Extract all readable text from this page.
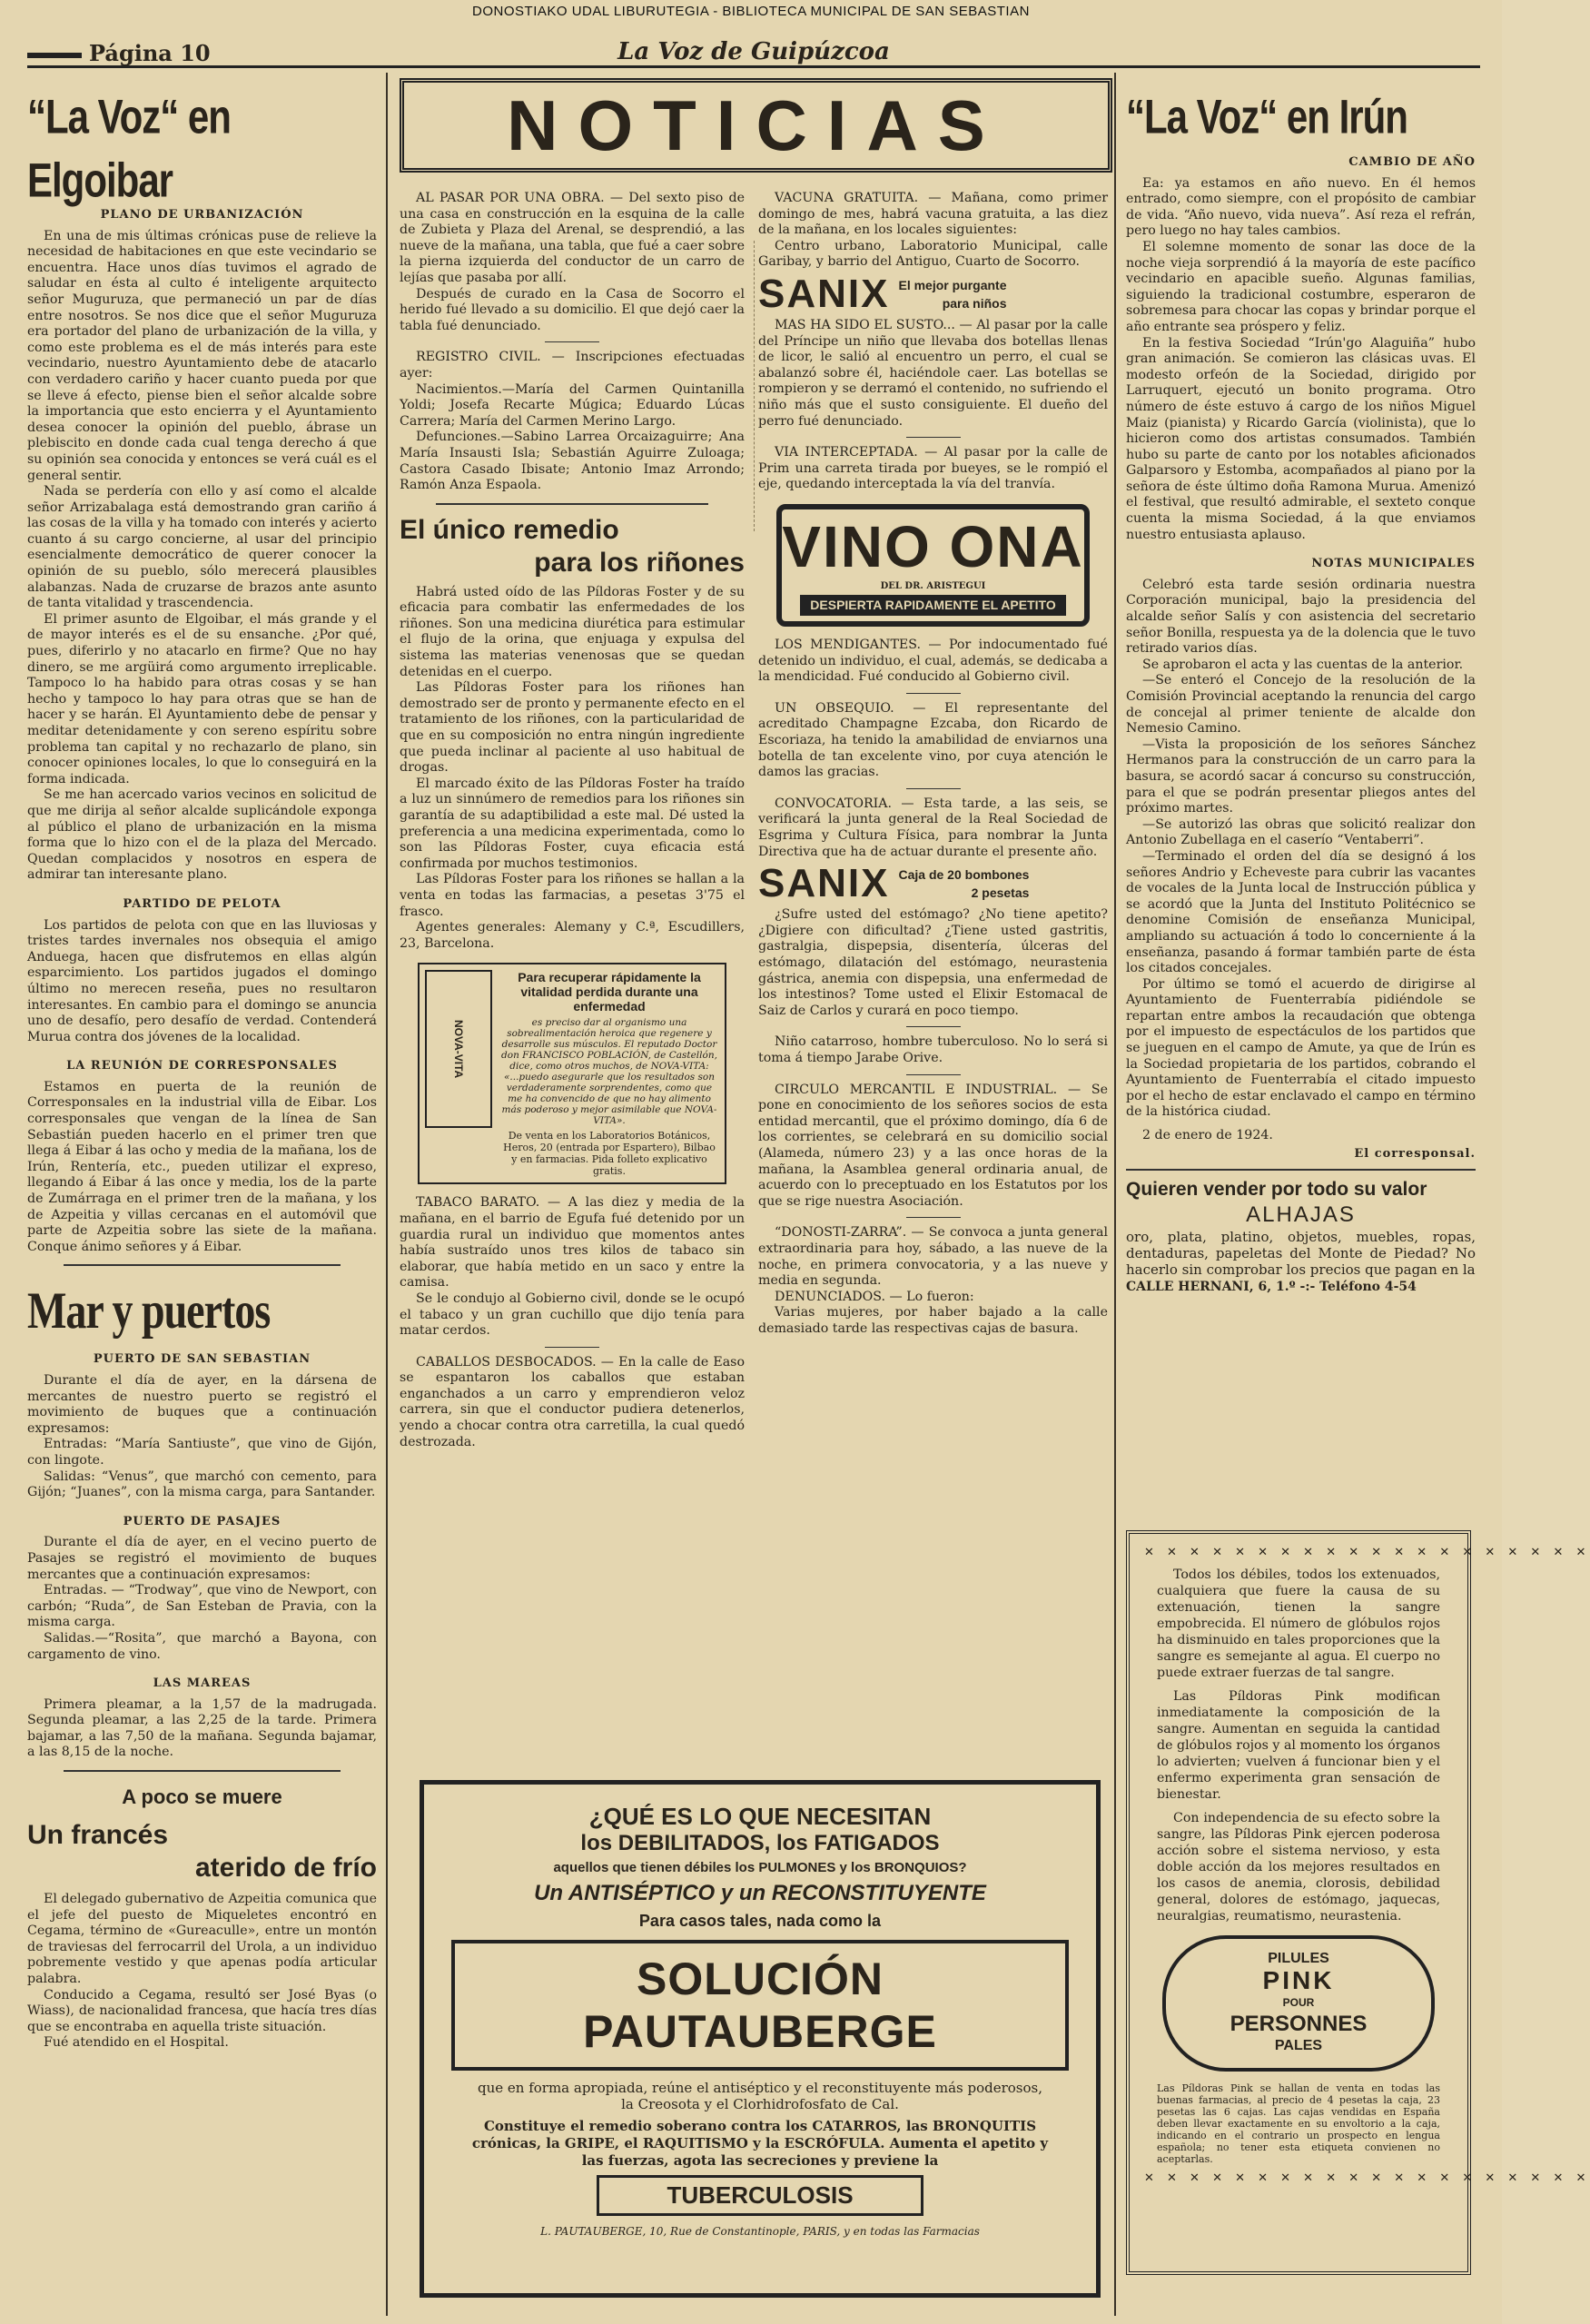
DONOSTIAKO UDAL LIBURUTEGIA - BIBLIOTECA MUNICIPAL DE SAN SEBASTIAN
Página 10	La Voz de Guipúzcoa
“La Voz“ en Elgoibar
PLANO DE URBANIZACIÓN

En una de mis últimas crónicas puse de relieve la necesidad de habitaciones en que este vecindario se encuentra. Hace unos días tuvimos el agrado de saludar en ésta al culto é inteligente arquitecto señor Muguruza, que permaneció un par de días entre nosotros. Se nos dice que el señor Muguruza era portador del plano de urbanización de la villa, y como este problema es el de más interés para este vecindario, nuestro Ayuntamiento debe de atacarlo con verdadero cariño y hacer cuanto pueda por que se lleve á efecto, piense bien el señor alcalde sobre la importancia que esto encierra y el Ayuntamiento desea conocer la opinión del pueblo, ábrase un plebiscito en donde cada cual tenga derecho á que su opinión sea conocida y entonces se verá cuál es el general sentir.

Nada se perdería con ello y así como el alcalde señor Arrizabalaga está demostrando gran cariño á las cosas de la villa y ha tomado con interés y acierto cuanto á su cargo concierne, al usar del principio esencialmente democrático de querer conocer la opinión de su pueblo, sólo merecerá plausibles alabanzas. Nada de cruzarse de brazos ante asunto de tanta vitalidad y trascendencia.

El primer asunto de Elgoibar, el más grande y el de mayor interés es el de su ensanche. ¿Por qué, pues, diferirlo y no atacarlo en firme? Que no hay dinero, se me argüirá como argumento irreplicable. Tampoco lo ha habido para otras cosas y se han hecho y tampoco lo hay para otras que se han de hacer y se harán. El Ayuntamiento debe de pensar y meditar detenidamente y con sereno espíritu sobre problema tan capital y no rechazarlo de plano, sin conocer opiniones locales, lo que lo conseguirá en la forma indicada.

Se me han acercado varios vecinos en solicitud de que me dirija al señor alcalde suplicándole exponga al público el plano de urbanización en la misma forma que lo hizo con el de la plaza del Mercado. Quedan complacidos y nosotros en espera de admirar tan interesante plano.

PARTIDO DE PELOTA

Los partidos de pelota con que en las lluviosas y tristes tardes invernales nos obsequia el amigo Anduega, hacen que disfrutemos en ellas algún esparcimiento. Los partidos jugados el domingo último no merecen reseña, pues no resultaron interesantes. En cambio para el domingo se anuncia uno de desafío, pero desafío de verdad. Contenderá Murua contra dos jóvenes de la localidad.

LA REUNIÓN DE CORRESPONSALES

Estamos en puerta de la reunión de Corresponsales en la industrial villa de Eibar. Los corresponsales que vengan de la línea de San Sebastián pueden hacerlo en el primer tren que llega á Eibar á las ocho y media de la mañana, los de Irún, Rentería, etc., pueden utilizar el expreso, llegando á Eibar á las once y media, los de la parte de Zumárraga en el primer tren de la mañana, y los de Azpeitia y villas cercanas en el automóvil que parte de Azpeitia sobre las siete de la mañana. Conque ánimo señores y á Eibar.

Mar y puertos
PUERTO DE SAN SEBASTIAN

Durante el día de ayer, en la dársena de mercantes de nuestro puerto se registró el movimiento de buques que a continuación expresamos:

Entradas: “María Santiuste”, que vino de Gijón, con lingote.

Salidas: “Venus”, que marchó con cemento, para Gijón; “Juanes”, con la misma carga, para Santander.

PUERTO DE PASAJES

Durante el día de ayer, en el vecino puerto de Pasajes se registró el movimiento de buques mercantes que a continuación expresamos:

Entradas. — “Trodway”, que vino de Newport, con carbón; “Ruda”, de San Esteban de Pravia, con la misma carga.

Salidas.—“Rosita”, que marchó a Bayona, con cargamento de vino.

LAS MAREAS

Primera pleamar, a la 1,57 de la madrugada. Segunda pleamar, a las 2,25 de la tarde. Primera bajamar, a las 7,50 de la mañana. Segunda bajamar, a las 8,15 de la noche.

A poco se muere
Un francés
aterido de frío

El delegado gubernativo de Azpeitia comunica que el jefe del puesto de Miqueletes encontró en Cegama, término de «Gureaculle», entre un montón de traviesas del ferrocarril del Urola, a un individuo pobremente vestido y que apenas podía articular palabra.

Conducido a Cegama, resultó ser José Byas (o Wiass), de nacionalidad francesa, que hacía tres días que se encontraba en aquella triste situación.

Fué atendido en el Hospital.

NOTICIAS

AL PASAR POR UNA OBRA. — Del sexto piso de una casa en construcción en la esquina de la calle de Zubieta y Plaza del Arenal, se desprendió, a las nueve de la mañana, una tabla, que fué a caer sobre la pierna izquierda del conductor de un carro de lejías que pasaba por allí.

Después de curado en la Casa de Socorro el herido fué llevado a su domicilio. El que dejó caer la tabla fué denunciado.

REGISTRO CIVIL. — Inscripciones efectuadas ayer:

Nacimientos.—María del Carmen Quintanilla Yoldi; Josefa Recarte Múgica; Eduardo Lúcas Carrera; María del Carmen Merino Largo.

Defunciones.—Sabino Larrea Orcaizaguirre; Ana María Insausti Isla; Sebastián Aguirre Zuloaga; Castora Casado Ibisate; Antonio Imaz Arrondo; Ramón Anza Espaola.

El único remedio
para los riñones

Habrá usted oído de las Píldoras Foster y de su eficacia para combatir las enfermedades de los riñones. Son una medicina diurética para estimular el flujo de la orina, que enjuaga y expulsa del sistema las materias venenosas que se quedan detenidas en el cuerpo.

Las Píldoras Foster para los riñones han demostrado ser de pronto y permanente efecto en el tratamiento de los riñones, con la particularidad de que en su composición no entra ningún ingrediente que pueda inclinar al paciente al uso habitual de drogas.

El marcado éxito de las Píldoras Foster ha traído a luz un sinnúmero de remedios para los riñones sin garantía de su adaptibilidad a este mal. Dé usted la preferencia a una medicina experimentada, como lo son las Píldoras Foster, cuya eficacia está confirmada por muchos testimonios.

Las Píldoras Foster para los riñones se hallan a la venta en todas las farmacias, a pesetas 3'75 el frasco.

Agentes generales: Alemany y C.ª, Escudillers, 23, Barcelona.

NOVA-VITA
Para recuperar rápidamente la vitalidad perdida durante una enfermedad
es preciso dar al organismo una sobrealimentación heroica que regenere y desarrolle sus músculos. El reputado Doctor don FRANCISCO POBLACIÓN, de Castellón, dice, como otros muchos, de NOVA-VITA: «...puedo asegurarle que los resultados son verdaderamente sorprendentes, como que me ha convencido de que no hay alimento más poderoso y mejor asimilable que NOVA-VITA».
De venta en los Laboratorios Botánicos, Heros, 20 (entrada por Espartero), Bilbao y en farmacias. Pida folleto explicativo gratis.

TABACO BARATO. — A las diez y media de la mañana, en el barrio de Egufa fué detenido por un guardia rural un individuo que momentos antes había sustraído unos tres kilos de tabaco sin elaborar, que había metido en un saco y entre la camisa.

Se le condujo al Gobierno civil, donde se le ocupó el tabaco y un gran cuchillo que dijo tenía para matar cerdos.

CABALLOS DESBOCADOS. — En la calle de Easo se espantaron los caballos que estaban enganchados a un carro y emprendieron veloz carrera, sin que el conductor pudiera detenerlos, yendo a chocar contra otra carretilla, la cual quedó destrozada.

VACUNA GRATUITA. — Mañana, como primer domingo de mes, habrá vacuna gratuita, a las diez de la mañana, en los locales siguientes:

Centro urbano, Laboratorio Municipal, calle Garibay, y barrio del Antiguo, Cuarto de Socorro.

SANIX El mejor purgante
para niños

MAS HA SIDO EL SUSTO... — Al pasar por la calle del Príncipe un niño que llevaba dos botellas llenas de licor, le salió al encuentro un perro, el cual se abalanzó sobre él, haciéndole caer. Las botellas se rompieron y se derramó el contenido, no sufriendo el niño más que el susto consiguiente. El dueño del perro fué denunciado.

VIA INTERCEPTADA. — Al pasar por la calle de Prim una carreta tirada por bueyes, se le rompió el eje, quedando interceptada la vía del tranvía.

VINO ONA
DEL DR. ARISTEGUI
DESPIERTA RAPIDAMENTE EL APETITO

LOS MENDIGANTES. — Por indocumentado fué detenido un individuo, el cual, además, se dedicaba a la mendicidad. Fué conducido al Gobierno civil.

UN OBSEQUIO. — El representante del acreditado Champagne Ezcaba, don Ricardo de Escoriaza, ha tenido la amabilidad de enviarnos una botella de tan excelente vino, por cuya atención le damos las gracias.

CONVOCATORIA. — Esta tarde, a las seis, se verificará la junta general de la Real Sociedad de Esgrima y Cultura Física, para nombrar la Junta Directiva que ha de actuar durante el presente año.

SANIX Caja de 20 bombones
2 pesetas

¿Sufre usted del estómago? ¿No tiene apetito? ¿Digiere con dificultad? ¿Tiene usted gastritis, gastralgia, dispepsia, disentería, úlceras del estómago, dilatación del estómago, neurastenia gástrica, anemia con dispepsia, una enfermedad de los intestinos? Tome usted el Elixir Estomacal de Saiz de Carlos y curará en poco tiempo.

Niño catarroso, hombre tuberculoso. No lo será si toma á tiempo Jarabe Orive.

CIRCULO MERCANTIL E INDUSTRIAL. — Se pone en conocimiento de los señores socios de esta entidad mercantil, que el próximo domingo, día 6 de los corrientes, se celebrará en su domicilio social (Alameda, número 23) y a las once horas de la mañana, la Asamblea general ordinaria anual, de acuerdo con lo preceptuado en los Estatutos por los que se rige nuestra Asociación.

“DONOSTI-ZARRA”. — Se convoca a junta general extraordinaria para hoy, sábado, a las nueve de la noche, en primera convocatoria, y a las nueve y media en segunda.

DENUNCIADOS. — Lo fueron:

Varias mujeres, por haber bajado a la calle demasiado tarde las respectivas cajas de basura.

“La Voz“ en Irún
CAMBIO DE AÑO

Ea: ya estamos en año nuevo. En él hemos entrado, como siempre, con el propósito de cambiar de vida. “Año nuevo, vida nueva”. Así reza el refrán, pero luego no hay tales cambios.

El solemne momento de sonar las doce de la noche vieja sorprendió á la mayoría de este pacífico vecindario en apacible sueño. Algunas familias, siguiendo la tradicional costumbre, esperaron de sobremesa para chocar las copas y brindar porque el año entrante sea próspero y feliz.

En la festiva Sociedad “Irún'go Alaguiña” hubo gran animación. Se comieron las clásicas uvas. El modesto orfeón de la Sociedad, dirigido por Larruquert, ejecutó un bonito programa. Otro número de éste estuvo á cargo de los niños Miguel Maiz (pianista) y Ricardo García (violinista), que lo hicieron como dos artistas consumados. También hubo su parte de canto por los notables aficionados Galparsoro y Estomba, acompañados al piano por la señora de éste último doña Ramona Murua. Amenizó el festival, que resultó admirable, el sexteto conque cuenta la misma Sociedad, á la que enviamos nuestro entusiasta aplauso.

NOTAS MUNICIPALES

Celebró esta tarde sesión ordinaria nuestra Corporación municipal, bajo la presidencia del alcalde señor Salís y con asistencia del secretario señor Bonilla, respuesta ya de la dolencia que le tuvo retirado varios días.

Se aprobaron el acta y las cuentas de la anterior.

—Se enteró el Concejo de la resolución de la Comisión Provincial aceptando la renuncia del cargo de concejal al primer teniente de alcalde don Nemesio Camino.

—Vista la proposición de los señores Sánchez Hermanos para la construcción de un carro para la basura, se acordó sacar á concurso su construcción, para el que se podrán presentar pliegos antes del próximo martes.

—Se autorizó las obras que solicitó realizar don Antonio Zubellaga en el caserío “Ventaberri”.

—Terminado el orden del día se designó á los señores Andrio y Echeveste para cubrir las vacantes de vocales de la Junta local de Instrucción pública y se acordó que la Junta del Instituto Politécnico se denomine Comisión de enseñanza Municipal, ampliando su actuación á todo lo concerniente á la enseñanza, pasando á formar también parte de ésta los citados concejales.

Por último se tomó el acuerdo de dirigirse al Ayuntamiento de Fuenterrabía pidiéndole se repartan entre ambos la recaudación que obtenga por el impuesto de espectáculos de los partidos que se jueguen en el campo de Amute, ya que de Irún es la Sociedad propietaria de los partidos, cobrando el Ayuntamiento de Fuenterrabía el citado impuesto por el hecho de estar enclavado el campo en término de la histórica ciudad.

2 de enero de 1924.

El corresponsal.
Quieren vender por todo su valor
ALHAJAS
oro, plata, platino, objetos, muebles, ropas, dentaduras, papeletas del Monte de Piedad? No hacerlo sin comprobar los precios que pagan en la
CALLE HERNANI, 6, 1.º -:- Teléfono 4-54
✕ ✕ ✕ ✕ ✕ ✕ ✕ ✕ ✕ ✕ ✕ ✕ ✕ ✕ ✕ ✕ ✕ ✕ ✕ ✕

Todos los débiles, todos los extenuados, cualquiera que fuere la causa de su extenuación, tienen la sangre empobrecida. El número de glóbulos rojos ha disminuido en tales proporciones que la sangre es semejante al agua. El cuerpo no puede extraer fuerzas de tal sangre.

Las Píldoras Pink modifican inmediatamente la composición de la sangre. Aumentan en seguida la cantidad de glóbulos rojos y al momento los órganos lo advierten; vuelven á funcionar bien y el enfermo experimenta gran sensación de bienestar.

Con independencia de su efecto sobre la sangre, las Píldoras Pink ejercen poderosa acción sobre el sistema nervioso, y esta doble acción da los mejores resultados en los casos de anemia, clorosis, debilidad general, dolores de estómago, jaquecas, neuralgias, reumatismo, neurastenia.

PILULES
PINK
POUR
PERSONNES
PALES
Las Píldoras Pink se hallan de venta en todas las buenas farmacias, al precio de 4 pesetas la caja, 23 pesetas las 6 cajas. Las cajas vendidas en España deben llevar exactamente en su envoltorio a la caja, indicando en el contrario un prospecto en lengua española; no tener esta etiqueta convienen no aceptarlas.
✕ ✕ ✕ ✕ ✕ ✕ ✕ ✕ ✕ ✕ ✕ ✕ ✕ ✕ ✕ ✕ ✕ ✕ ✕ ✕
¿QUÉ ES LO QUE NECESITAN
los DEBILITADOS, los FATIGADOS
aquellos que tienen débiles los PULMONES y los BRONQUIOS?
Un ANTISÉPTICO y un RECONSTITUYENTE
Para casos tales, nada como la
SOLUCIÓN PAUTAUBERGE
que en forma apropiada, reúne el antiséptico y el reconstituyente más poderosos, la Creosota y el Clorhidrofosfato de Cal.
Constituye el remedio soberano contra los CATARROS, las BRONQUITIS crónicas, la GRIPE, el RAQUITISMO y la ESCRÓFULA. Aumenta el apetito y las fuerzas, agota las secreciones y previene la
TUBERCULOSIS
L. PAUTAUBERGE, 10, Rue de Constantinople, PARIS, y en todas las Farmacias
